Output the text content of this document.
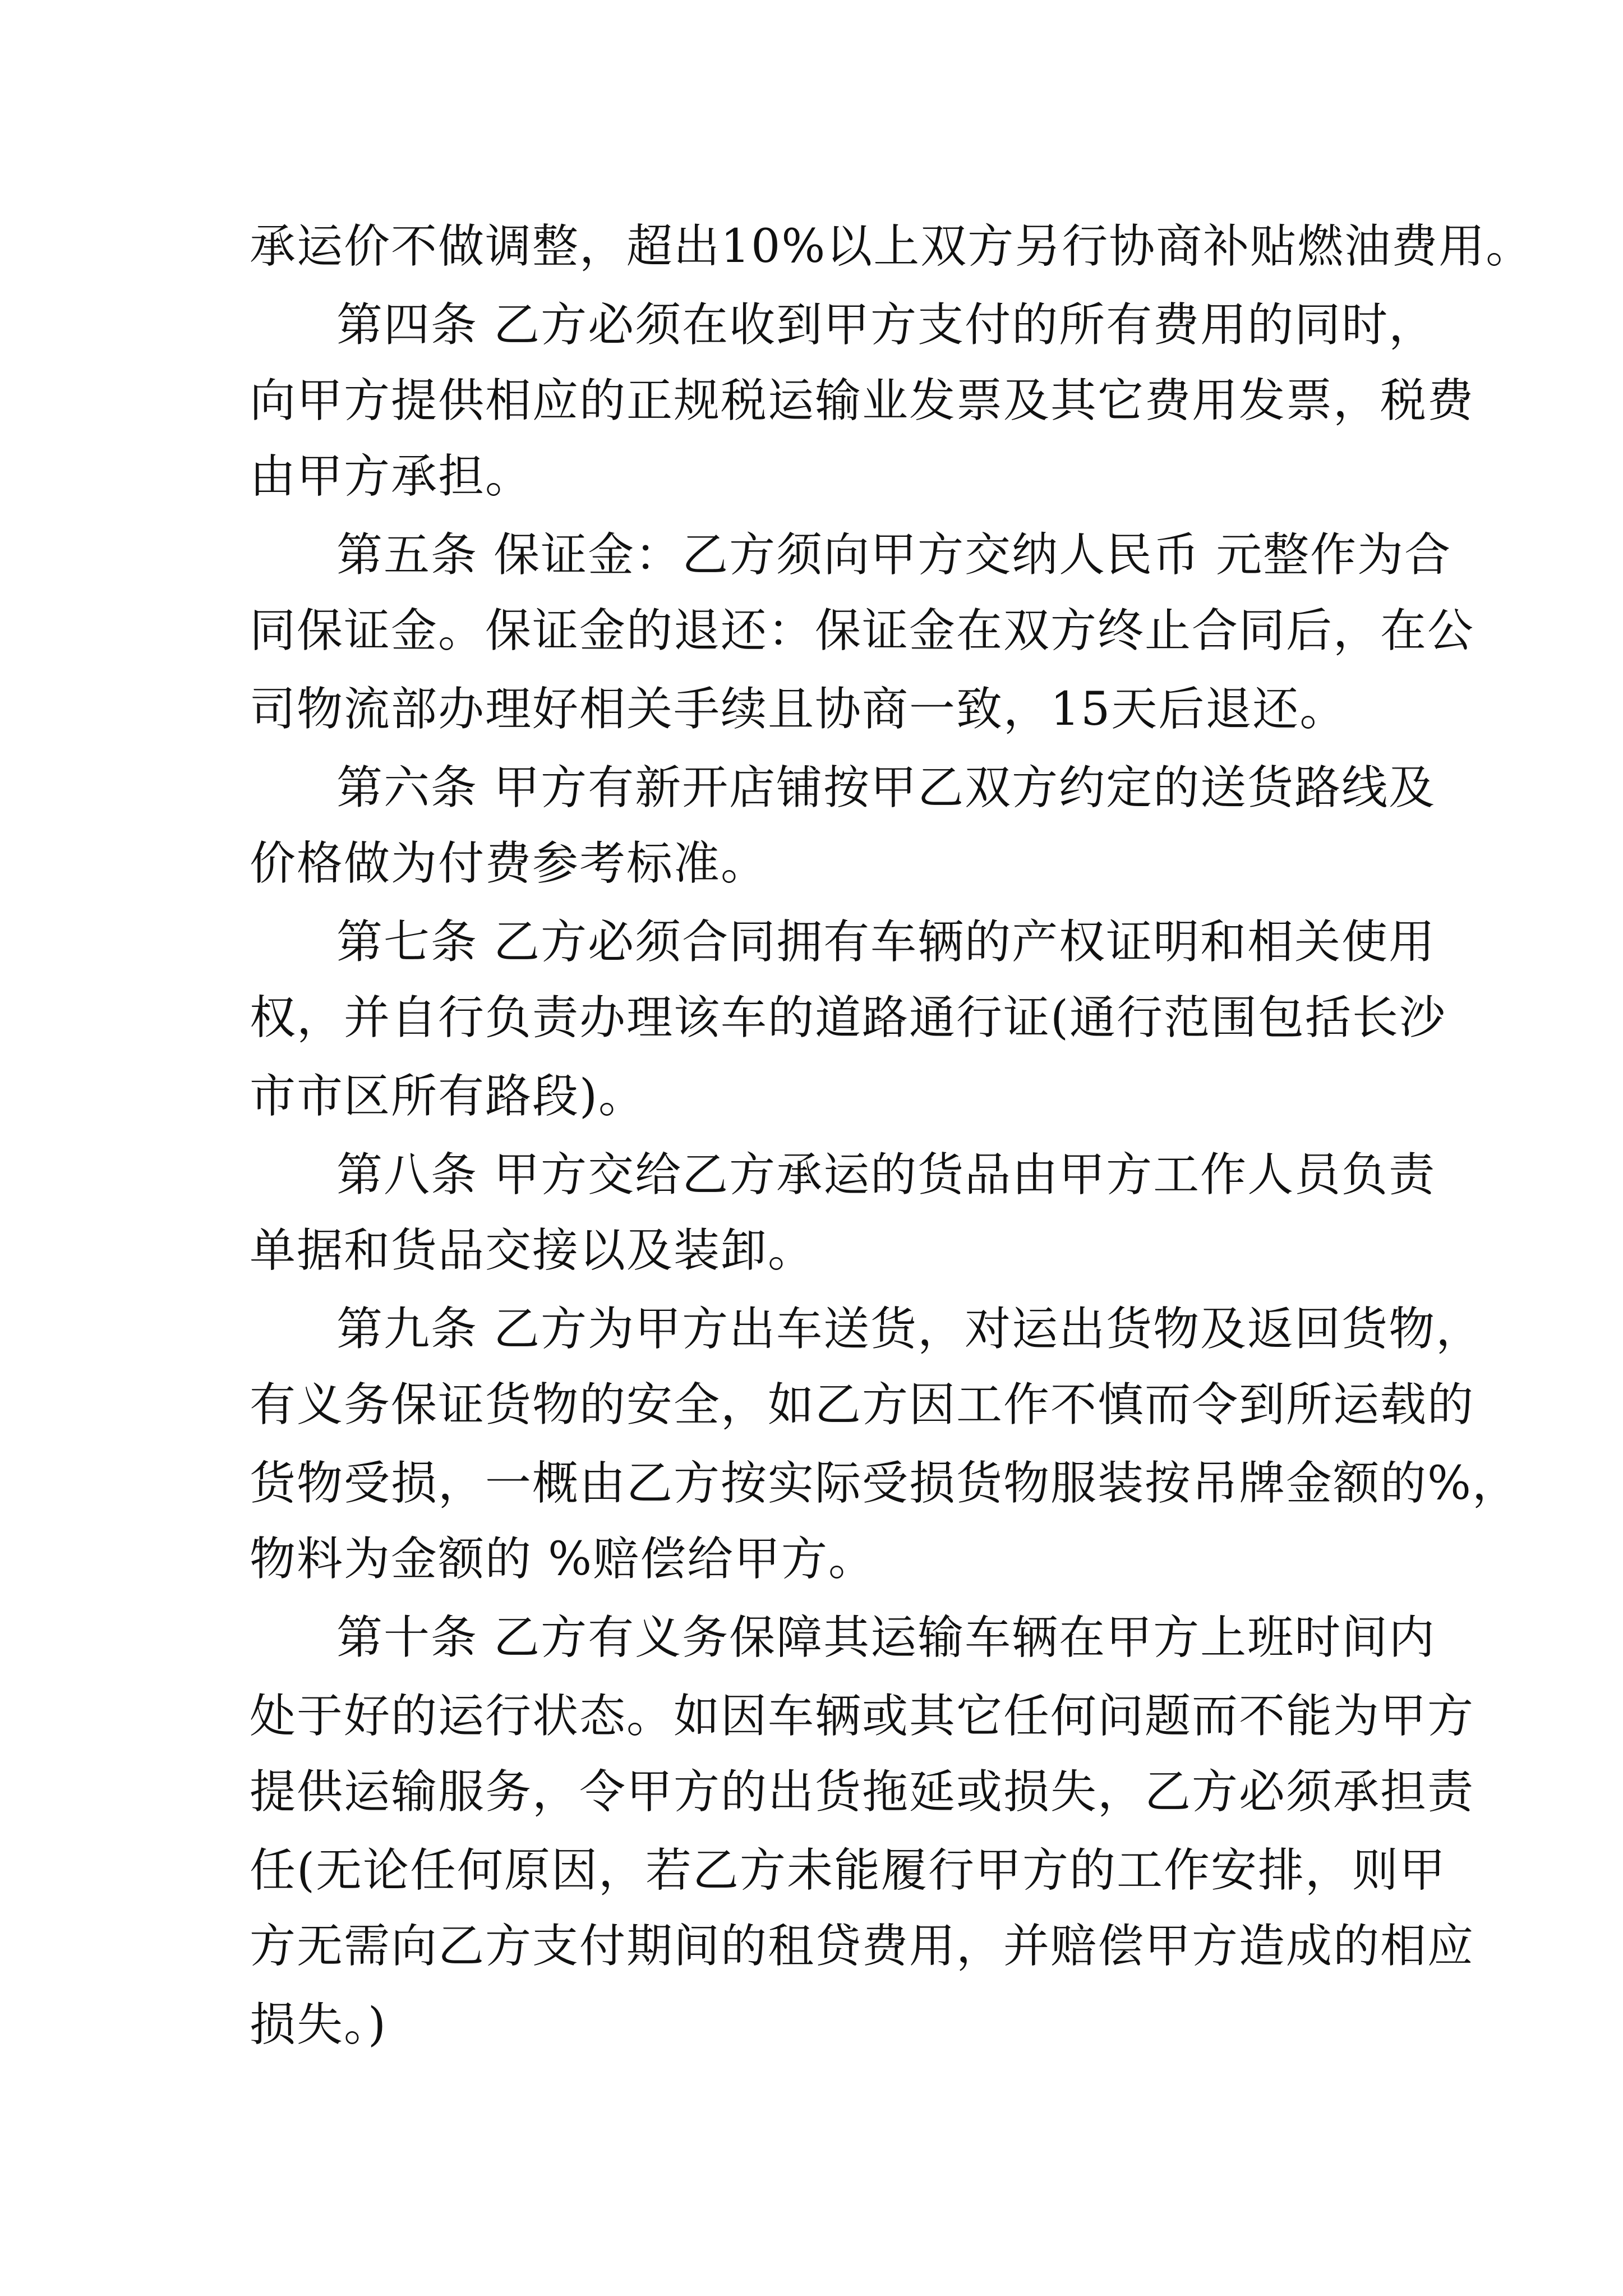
承运价不做调整，超出10%以上双方另行协商补贴燃油费用。
第四条 乙方必须在收到甲方支付的所有费用的同时，
向甲方提供相应的正规税运输业发票及其它费用发票，税费
由甲方承担。
第五条 保证金：乙方须向甲方交纳人民币 元整作为合
同保证金。保证金的退还：保证金在双方终止合同后，在公
司物流部办理好相关手续且协商一致，15天后退还。
第六条 甲方有新开店铺按甲乙双方约定的送货路线及
价格做为付费参考标准。
第七条 乙方必须合同拥有车辆的产权证明和相关使用
权，并自行负责办理该车的道路通行证(通行范围包括长沙
市市区所有路段)。
第八条 甲方交给乙方承运的货品由甲方工作人员负责
单据和货品交接以及装卸。
第九条 乙方为甲方出车送货，对运出货物及返回货物，
有义务保证货物的安全，如乙方因工作不慎而令到所运载的
货物受损，一概由乙方按实际受损货物服装按吊牌金额的%，
物料为金额的 %赔偿给甲方。
第十条 乙方有义务保障其运输车辆在甲方上班时间内
处于好的运行状态。如因车辆或其它任何问题而不能为甲方
提供运输服务，令甲方的出货拖延或损失，乙方必须承担责
任(无论任何原因，若乙方未能履行甲方的工作安排，则甲
方无需向乙方支付期间的租贷费用，并赔偿甲方造成的相应
损失。)
